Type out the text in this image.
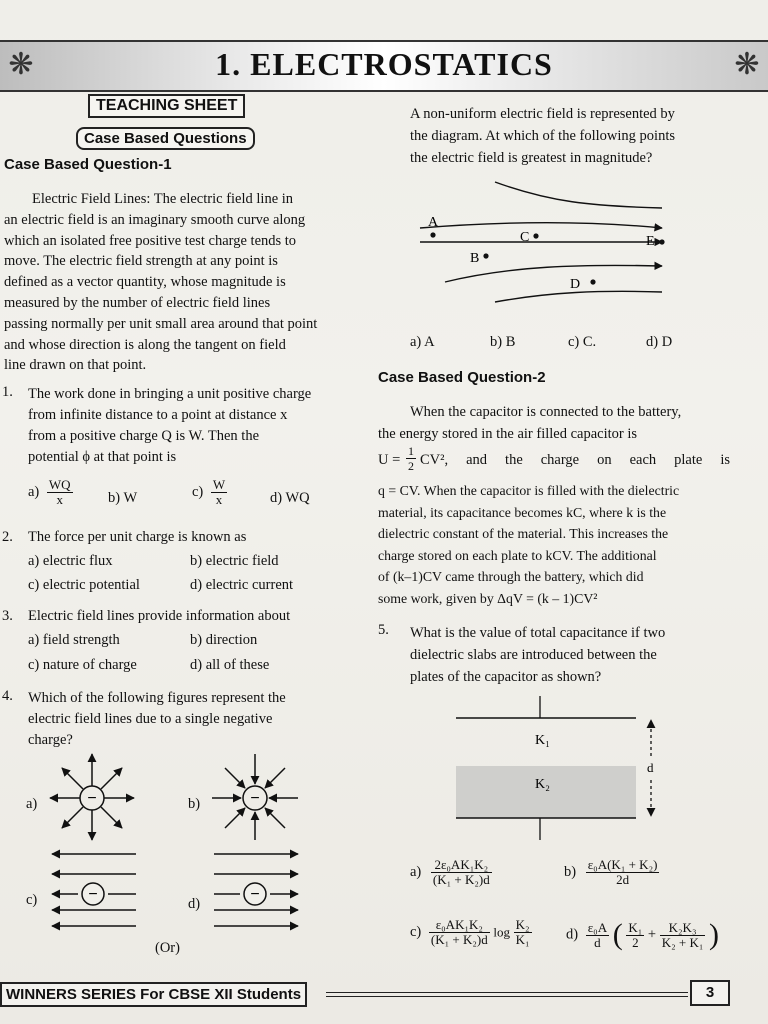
❋	1. ELECTROSTATICS	❋
TEACHING SHEET
Case Based Questions
Case Based Question-1
Electric Field Lines: The electric field line in
an electric field is an imaginary smooth curve along
which an isolated free positive test charge tends to
move. The electric field strength at any point is
defined as a vector quantity, whose magnitude is
measured by the number of electric field lines
passing normally per unit small area around that point
and whose direction is along the tangent on field
line drawn on that point.
1. The work done in bringing a unit positive charge
from infinite distance to a point at distance x
from a positive charge Q is W. Then the
potential ϕ at that point is
$a) \frac{WQ}{x} b$) W	$c) \frac{W}{x}$	d) WQ
2. The force per unit charge is known as
a) electric flux	b) electric field
c) electric potential	d) electric current
3. Electric field lines provide information about
a) field strength	b) direction
c) nature of charge	d) all of these
4. Which of the following figures represent the
electric field lines due to a single negative
charge?
a)	b)
c)	d)
(Or)
−	−
−	−
A non-uniform electric field is represented by
the diagram. At which of the following points
the electric field is greatest in magnitude?
A
C	E
B
D
a) A	b) B	c) C.	d) D
Case Based Question-2
When the capacitor is connected to the battery,
the energy stored in the air filled capacitor is
$U = \frac{1}{2} CV^2$, and the charge on each plate is
q = CV. When the capacitor is filled with the dielectric
material, its capacitance becomes kC, where k is the
dielectric constant of the material. This increases the
charge stored on each plate to kCV. The additional
of (k–1)CV came through the battery, which did
some work, given by ΔqV = (k – 1)CV²
5. What is the value of total capacitance if two
dielectric slabs are introduced between the
plates of the capacitor as shown?
d
K₁
K₂
$a) \frac{\text{2ε₀AK₁K₂}}{\text{(K₁ + K₂)d}}$	$b) \frac{\text{ε₀A(K₁ + K₂)}}{2d}$
$c) \frac{\text{ε₀AK₁K₂}}{\text{(K₁ + K₂)d}}$ $\log \frac{\text{K₂}}{\text{K₁}} d) \frac{\text{ε₀A}}{d}$ ( $\frac{\text{K₁}}{2} + \frac{\text{K₂K₃}}{\text{K₂ + K₁}}$ )
WINNERS SERIES For CBSE XII Students	3
